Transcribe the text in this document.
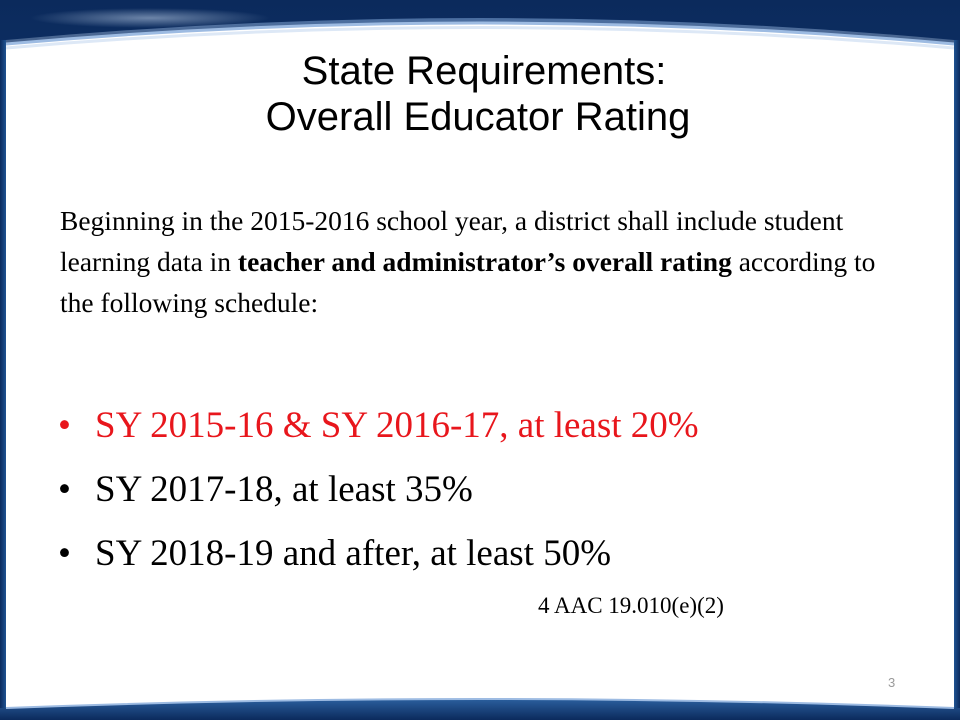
State Requirements:
Overall Educator Rating
Beginning in the 2015-2016 school year, a district shall include student learning data in teacher and administrator’s overall rating according to the following schedule:
• SY 2015-16 & SY 2016-17, at least 20%
• SY 2017-18, at least 35%
• SY 2018-19 and after, at least 50%
4 AAC 19.010(e)(2)
3
